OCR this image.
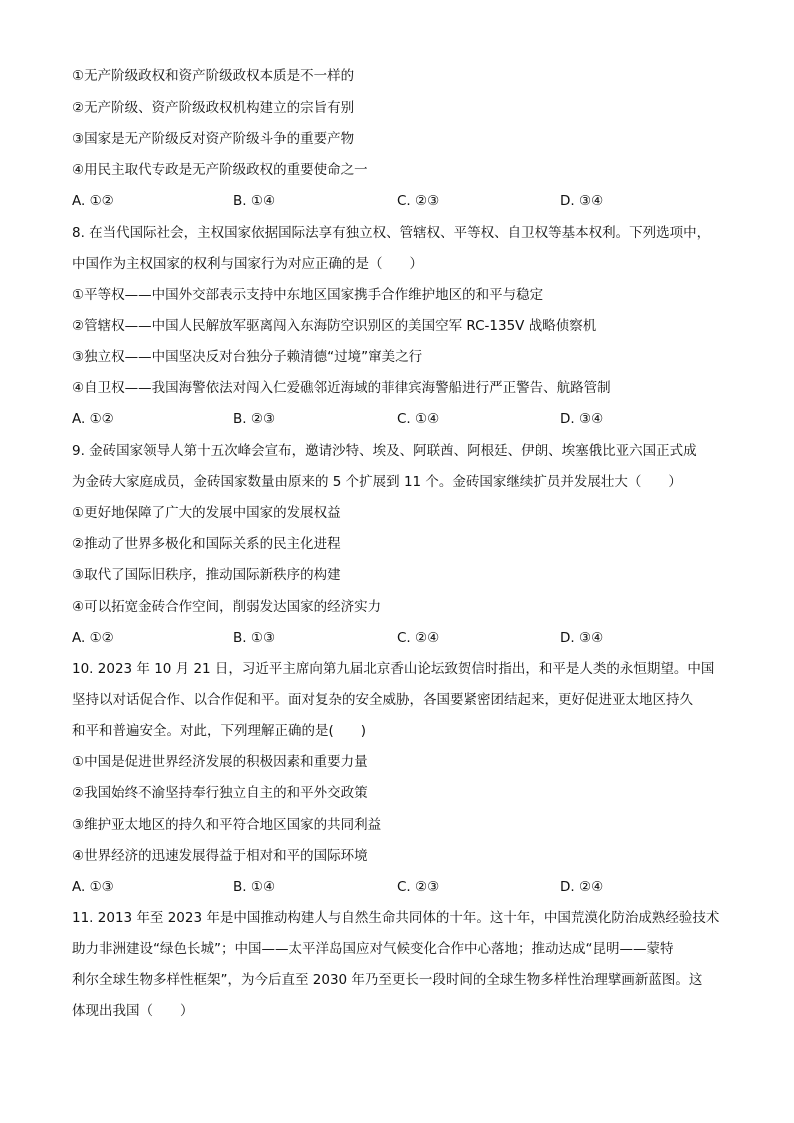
①无产阶级政权和资产阶级政权本质是不一样的
②无产阶级、资产阶级政权机构建立的宗旨有别
③国家是无产阶级反对资产阶级斗争的重要产物
④用民主取代专政是无产阶级政权的重要使命之一
A. ①②	B. ①④	C. ②③	D. ③④
8. 在当代国际社会，主权国家依据国际法享有独立权、管辖权、平等权、自卫权等基本权利。下列选项中，
中国作为主权国家的权利与国家行为对应正确的是（　　）
①平等权——中国外交部表示支持中东地区国家携手合作维护地区的和平与稳定
②管辖权——中国人民解放军驱离闯入东海防空识别区的美国空军 RC-135V 战略侦察机
③独立权——中国坚决反对台独分子赖清德“过境”窜美之行
④自卫权——我国海警依法对闯入仁爱礁邻近海域的菲律宾海警船进行严正警告、航路管制
A. ①②	B. ②③	C. ①④	D. ③④
9. 金砖国家领导人第十五次峰会宣布，邀请沙特、埃及、阿联酋、阿根廷、伊朗、埃塞俄比亚六国正式成
为金砖大家庭成员，金砖国家数量由原来的 5 个扩展到 11 个。金砖国家继续扩员并发展壮大（　　）
①更好地保障了广大的发展中国家的发展权益
②推动了世界多极化和国际关系的民主化进程
③取代了国际旧秩序，推动国际新秩序的构建
④可以拓宽金砖合作空间，削弱发达国家的经济实力
A. ①②	B. ①③	C. ②④	D. ③④
10. 2023 年 10 月 21 日，习近平主席向第九届北京香山论坛致贺信时指出，和平是人类的永恒期望。中国
坚持以对话促合作、以合作促和平。面对复杂的安全威胁，各国要紧密团结起来，更好促进亚太地区持久
和平和普遍安全。对此，下列理解正确的是(　　)
①中国是促进世界经济发展的积极因素和重要力量
②我国始终不渝坚持奉行独立自主的和平外交政策
③维护亚太地区的持久和平符合地区国家的共同利益
④世界经济的迅速发展得益于相对和平的国际环境
A. ①③	B. ①④	C. ②③	D. ②④
11. 2013 年至 2023 年是中国推动构建人与自然生命共同体的十年。这十年，中国荒漠化防治成熟经验技术
助力非洲建设“绿色长城”；中国——太平洋岛国应对气候变化合作中心落地；推动达成“昆明——蒙特
利尔全球生物多样性框架”，为今后直至 2030 年乃至更长一段时间的全球生物多样性治理擘画新蓝图。这
体现出我国（　　）
